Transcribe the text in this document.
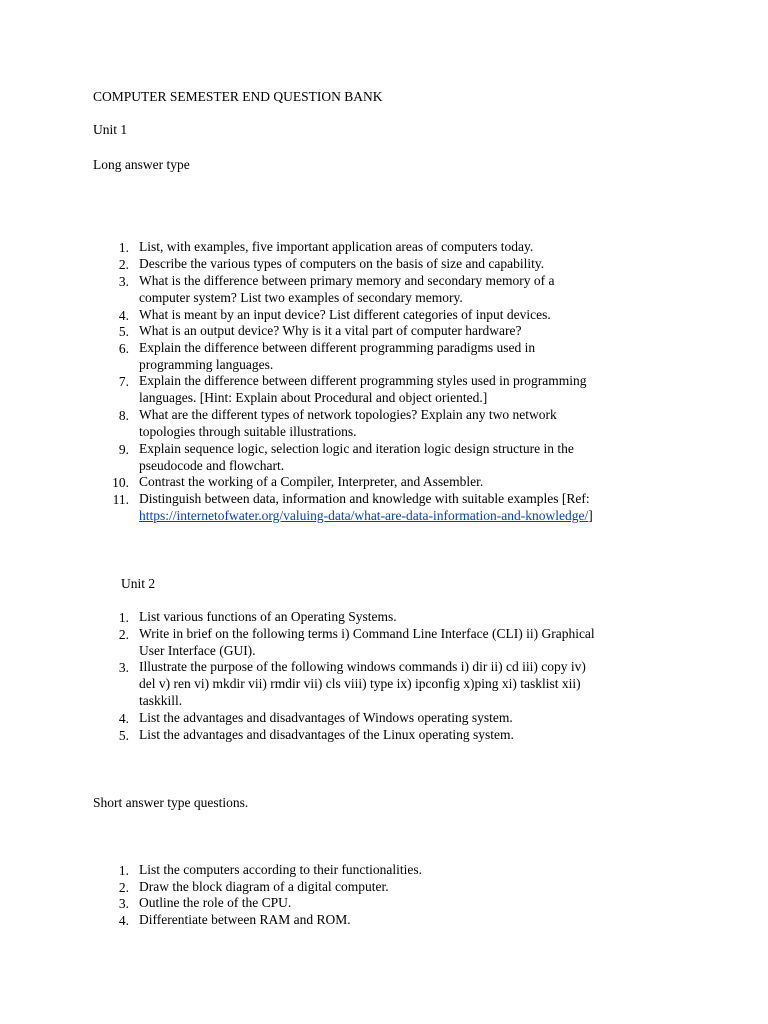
COMPUTER SEMESTER END QUESTION BANK
Unit 1
Long answer type
1. List, with examples, five important application areas of computers today.
2. Describe the various types of computers on the basis of size and capability.
3. What is the difference between primary memory and secondary memory of a
computer system? List two examples of secondary memory.
4. What is meant by an input device? List different categories of input devices.
5. What is an output device? Why is it a vital part of computer hardware?
6. Explain the difference between different programming paradigms used in
programming languages.
7. Explain the difference between different programming styles used in programming
languages. [Hint: Explain about Procedural and object oriented.]
8. What are the different types of network topologies? Explain any two network
topologies through suitable illustrations.
9. Explain sequence logic, selection logic and iteration logic design structure in the
pseudocode and flowchart.
10. Contrast the working of a Compiler, Interpreter, and Assembler.
11. Distinguish between data, information and knowledge with suitable examples [Ref:
https://internetofwater.org/valuing-data/what-are-data-information-and-knowledge/]
Unit 2
1. List various functions of an Operating Systems.
2. Write in brief on the following terms i) Command Line Interface (CLI) ii) Graphical
User Interface (GUI).
3. Illustrate the purpose of the following windows commands i) dir ii) cd iii) copy iv)
del v) ren vi) mkdir vii) rmdir vii) cls viii) type ix) ipconfig x)ping xi) tasklist xii)
taskkill.
4. List the advantages and disadvantages of Windows operating system.
5. List the advantages and disadvantages of the Linux operating system.
Short answer type questions.
1. List the computers according to their functionalities.
2. Draw the block diagram of a digital computer.
3. Outline the role of the CPU.
4. Differentiate between RAM and ROM.
